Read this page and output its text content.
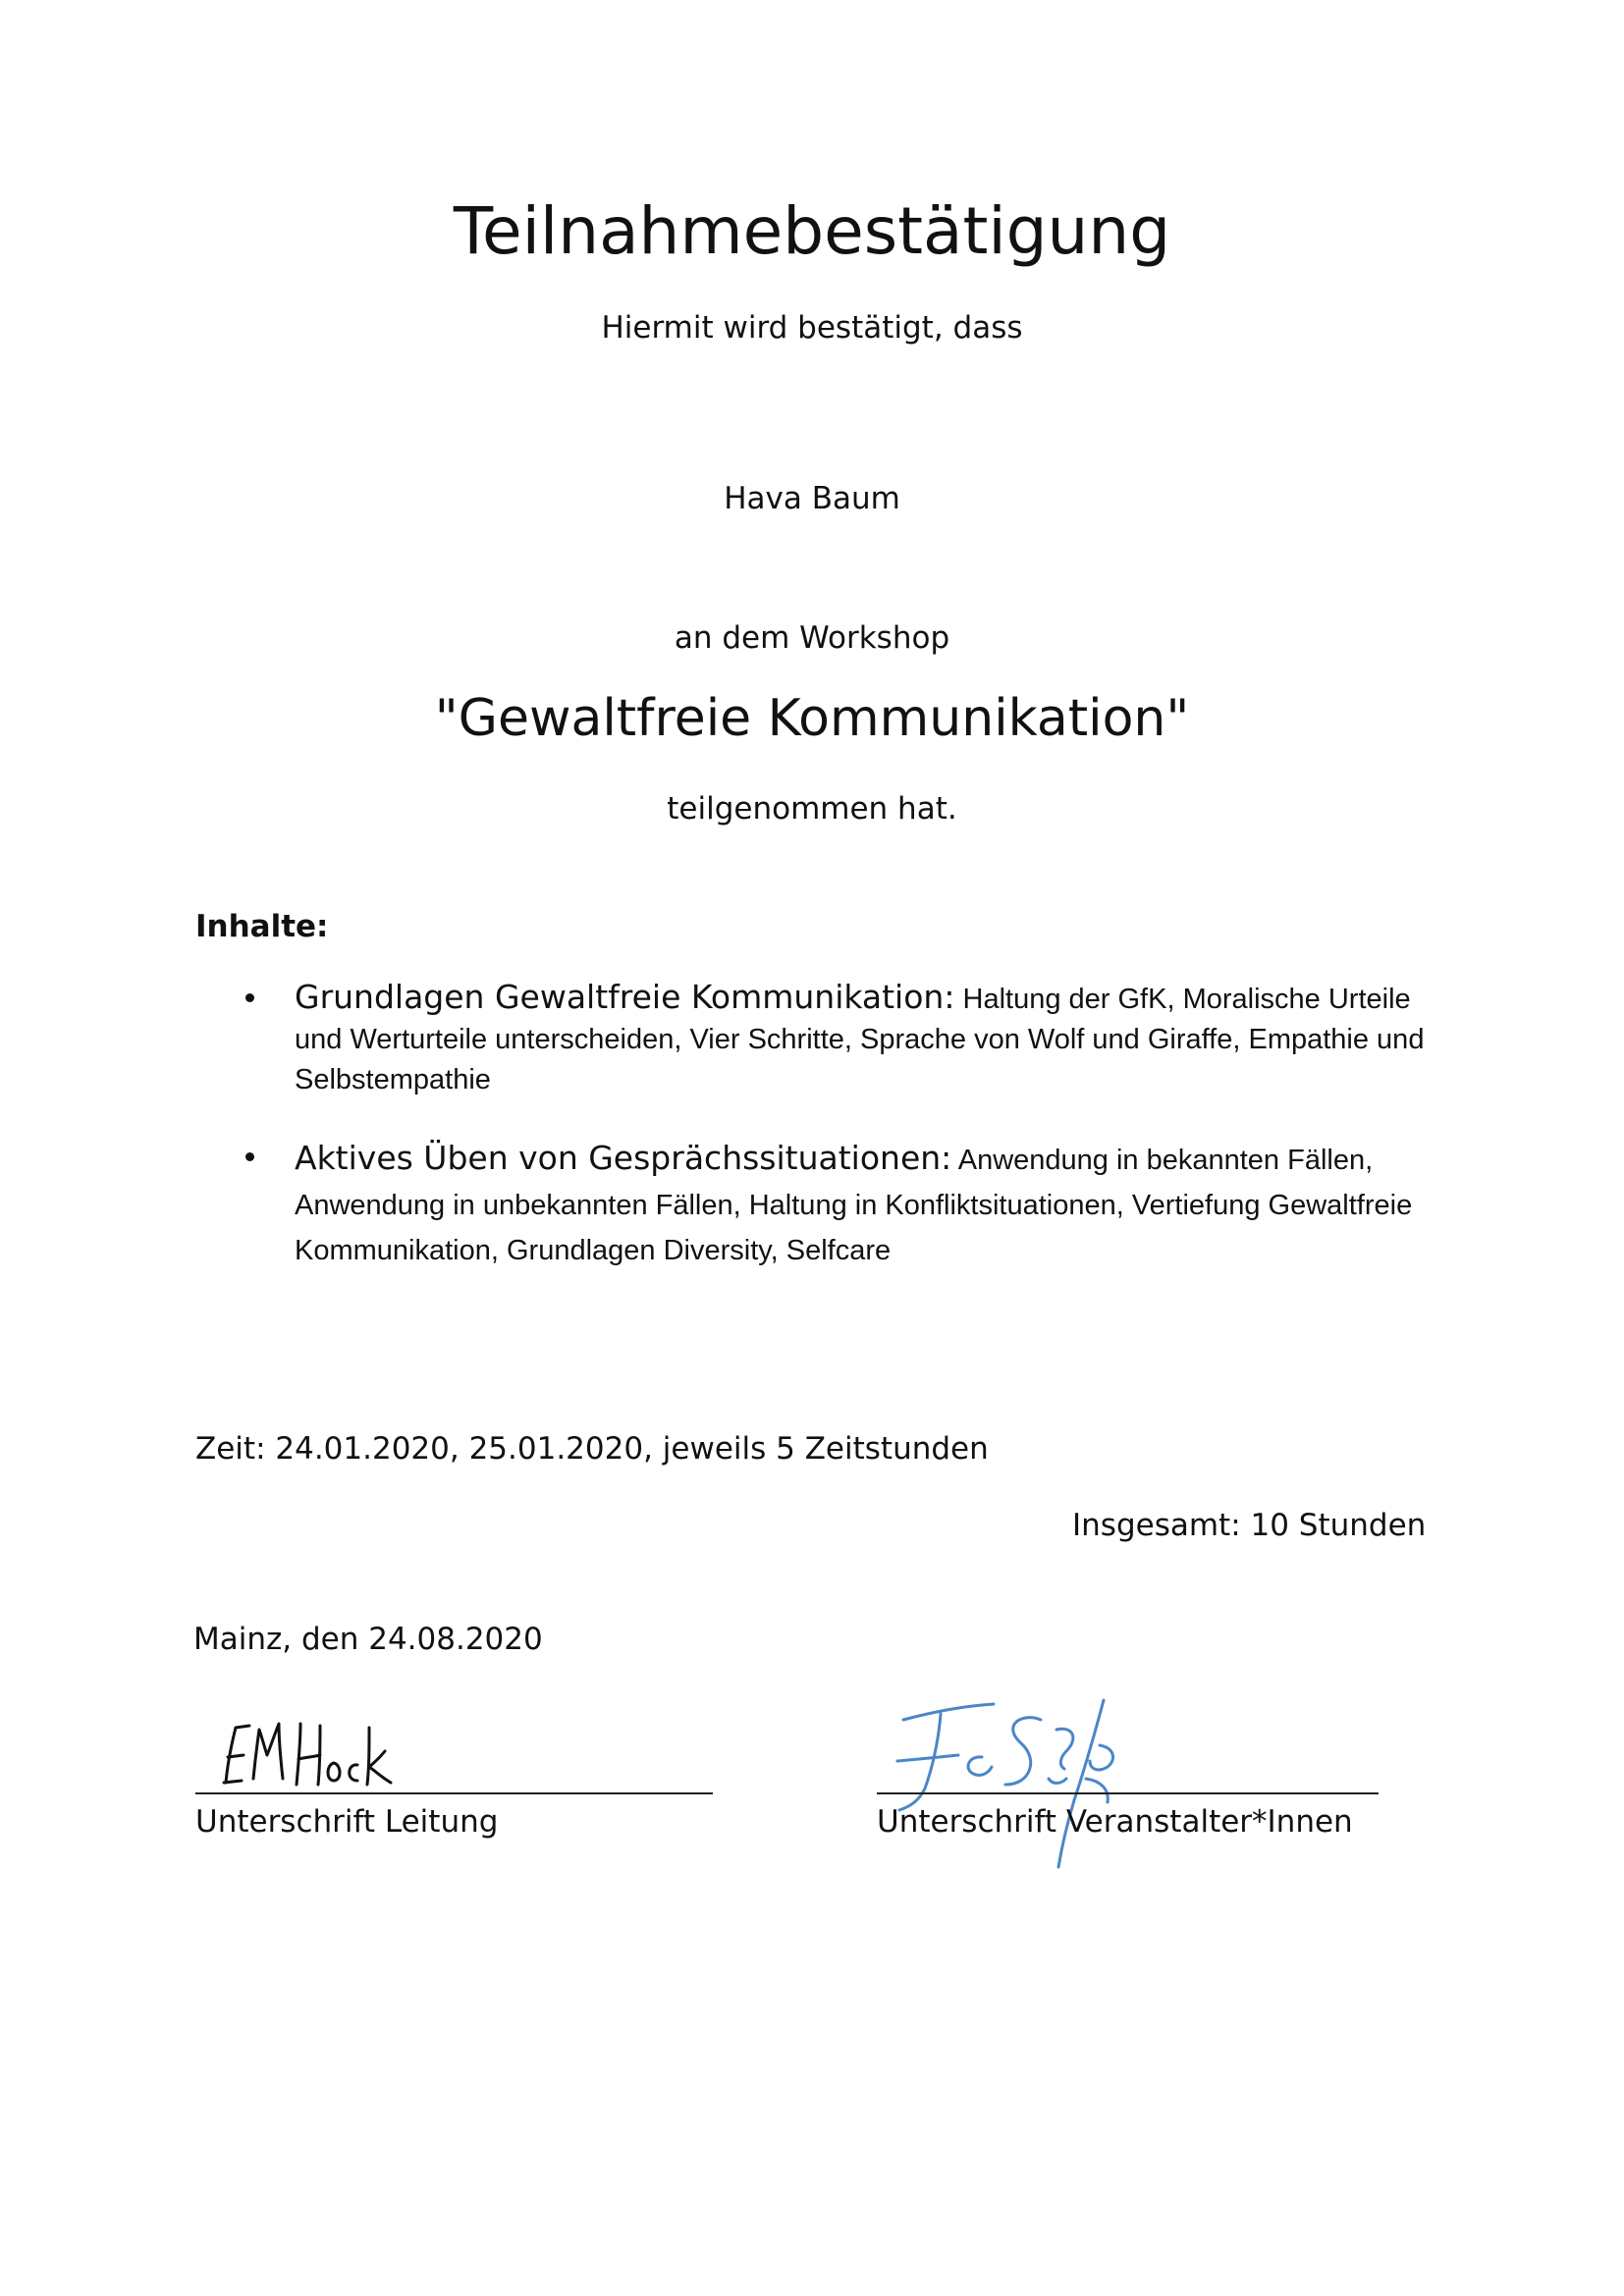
Teilnahmebestätigung
Hiermit wird bestätigt, dass
Hava Baum
an dem Workshop
"Gewaltfreie Kommunikation"
teilgenommen hat.
Inhalte:
Grundlagen Gewaltfreie Kommunikation: Haltung der GfK, Moralische Urteile und Werturteile unterscheiden, Vier Schritte, Sprache von Wolf und Giraffe, Empathie und Selbstempathie
Aktives Üben von Gesprächssituationen: Anwendung in bekannten Fällen, Anwendung in unbekannten Fällen, Haltung in Konfliktsituationen, Vertiefung Gewaltfreie Kommunikation, Grundlagen Diversity, Selfcare
Zeit: 24.01.2020, 25.01.2020, jeweils 5 Zeitstunden
Insgesamt: 10 Stunden
Mainz, den 24.08.2020
Unterschrift Leitung	Unterschrift Veranstalter*Innen
